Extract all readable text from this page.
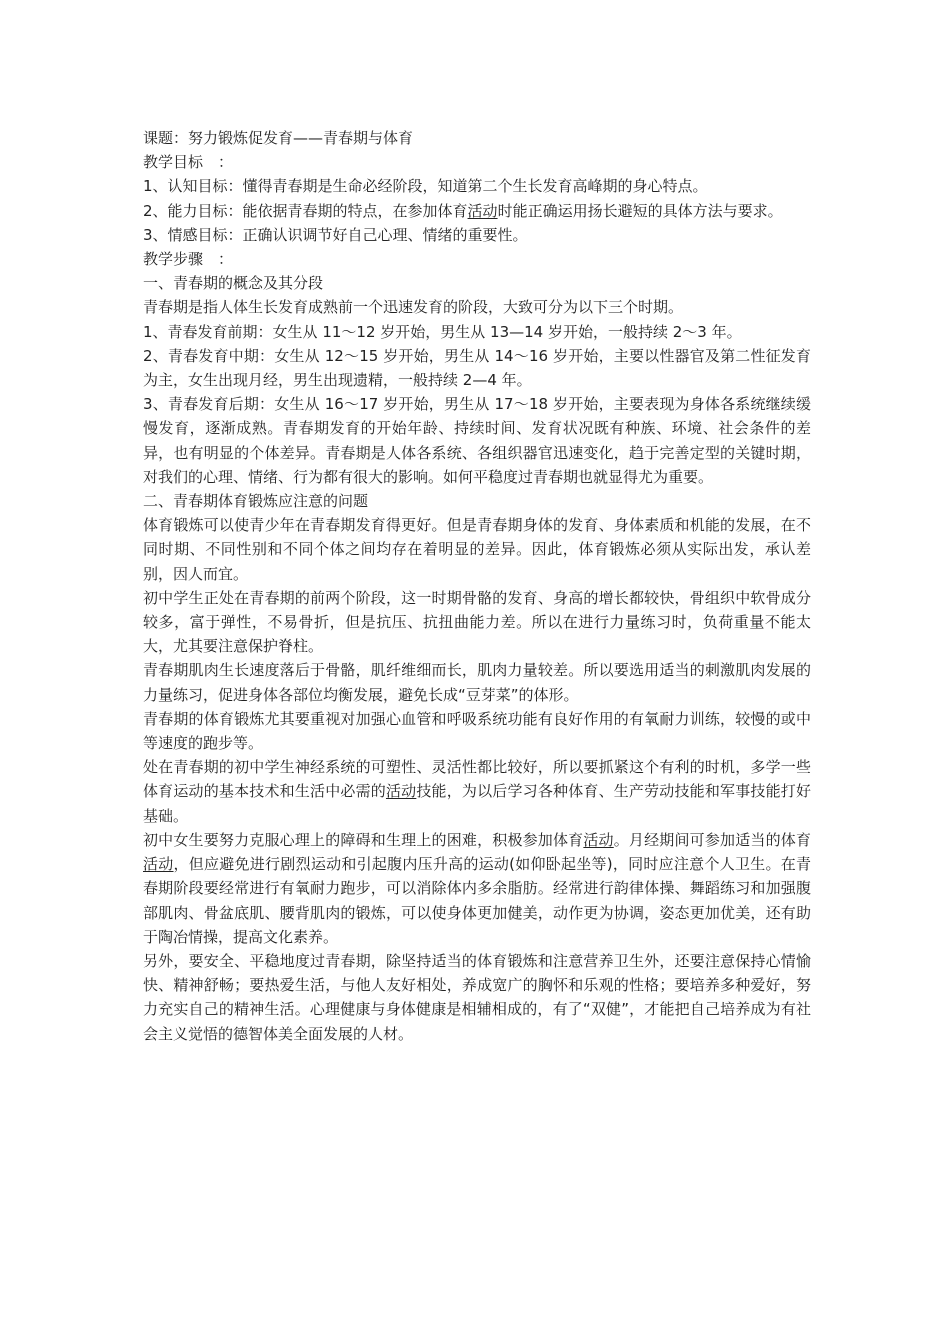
课题：努力锻炼促发育——青春期与体育

教学目标　：

1、认知目标：懂得青春期是生命必经阶段，知道第二个生长发育高峰期的身心特点。

2、能力目标：能依据青春期的特点，在参加体育活动时能正确运用扬长避短的具体方法与要求。

3、情感目标：正确认识调节好自己心理、情绪的重要性。

教学步骤　：

一、青春期的概念及其分段

青春期是指人体生长发育成熟前一个迅速发育的阶段，大致可分为以下三个时期。

1、青春发育前期：女生从 11～12 岁开始，男生从 13—14 岁开始，一般持续 2～3 年。

2、青春发育中期：女生从 12～15 岁开始，男生从 14～16 岁开始，主要以性器官及第二性征发育为主，女生出现月经，男生出现遗精，一般持续 2—4 年。

3、青春发育后期：女生从 16～17 岁开始，男生从 17～18 岁开始，主要表现为身体各系统继续缓慢发育，逐渐成熟。青春期发育的开始年龄、持续时间、发育状况既有种族、环境、社会条件的差异，也有明显的个体差异。青春期是人体各系统、各组织器官迅速变化，趋于完善定型的关键时期，对我们的心理、情绪、行为都有很大的影响。如何平稳度过青春期也就显得尤为重要。

二、青春期体育锻炼应注意的问题

体育锻炼可以使青少年在青春期发育得更好。但是青春期身体的发育、身体素质和机能的发展，在不同时期、不同性别和不同个体之间均存在着明显的差异。因此，体育锻炼必须从实际出发，承认差别，因人而宜。

初中学生正处在青春期的前两个阶段，这一时期骨骼的发育、身高的增长都较快，骨组织中软骨成分较多，富于弹性，不易骨折，但是抗压、抗扭曲能力差。所以在进行力量练习时，负荷重量不能太大，尤其要注意保护脊柱。

青春期肌肉生长速度落后于骨骼，肌纤维细而长，肌肉力量较差。所以要选用适当的刺激肌肉发展的力量练习，促进身体各部位均衡发展，避免长成“豆芽菜”的体形。

青春期的体育锻炼尤其要重视对加强心血管和呼吸系统功能有良好作用的有氧耐力训练，较慢的或中等速度的跑步等。

处在青春期的初中学生神经系统的可塑性、灵活性都比较好，所以要抓紧这个有利的时机，多学一些体育运动的基本技术和生活中必需的活动技能，为以后学习各种体育、生产劳动技能和军事技能打好基础。

初中女生要努力克服心理上的障碍和生理上的困难，积极参加体育活动。月经期间可参加适当的体育活动，但应避免进行剧烈运动和引起腹内压升高的运动(如仰卧起坐等)，同时应注意个人卫生。在青春期阶段要经常进行有氧耐力跑步，可以消除体内多余脂肪。经常进行韵律体操、舞蹈练习和加强腹部肌肉、骨盆底肌、腰背肌肉的锻炼，可以使身体更加健美，动作更为协调，姿态更加优美，还有助于陶冶情操，提高文化素养。

另外，要安全、平稳地度过青春期，除坚持适当的体育锻炼和注意营养卫生外，还要注意保持心情愉快、精神舒畅；要热爱生活，与他人友好相处，养成宽广的胸怀和乐观的性格；要培养多种爱好，努力充实自己的精神生活。心理健康与身体健康是相辅相成的，有了“双健”，才能把自己培养成为有社会主义觉悟的德智体美全面发展的人材。
